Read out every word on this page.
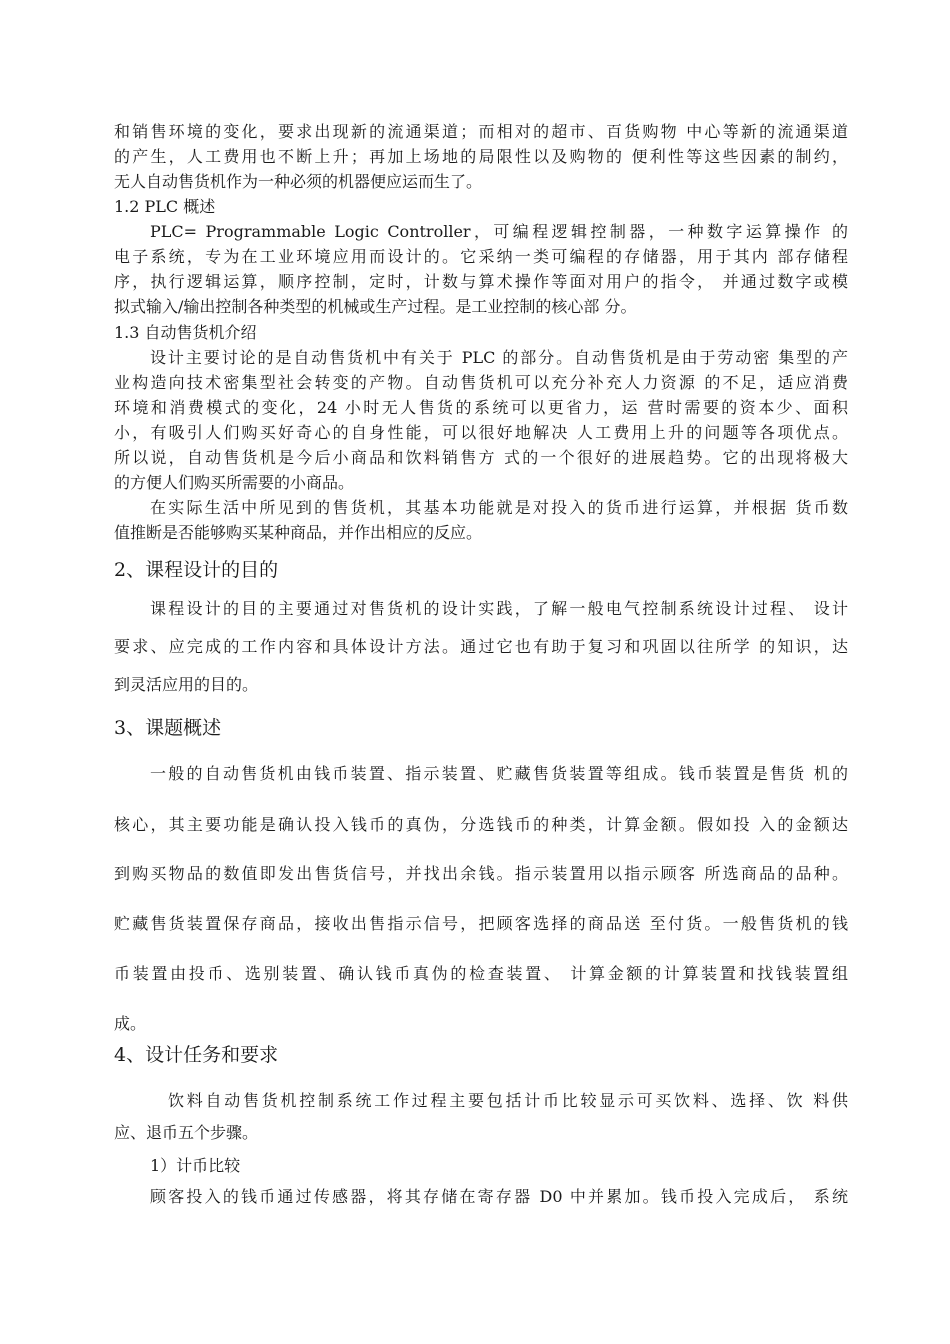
和销售环境的变化，要求出现新的流通渠道；而相对的超市、百货购物 中心等新的流通渠道
的产生，人工费用也不断上升；再加上场地的局限性以及购物的 便利性等这些因素的制约，
无人自动售货机作为一种必须的机器便应运而生了。
1.2 PLC 概述
PLC= Programmable Logic Controller，可编程逻辑控制器，一种数字运算操作 的
电子系统，专为在工业环境应用而设计的。它采纳一类可编程的存储器，用于其内 部存储程
序，执行逻辑运算，顺序控制，定时，计数与算术操作等面对用户的指令， 并通过数字或模
拟式输入/输出控制各种类型的机械或生产过程。是工业控制的核心部 分。
1.3 自动售货机介绍
设计主要讨论的是自动售货机中有关于 PLC 的部分。自动售货机是由于劳动密 集型的产
业构造向技术密集型社会转变的产物。自动售货机可以充分补充人力资源 的不足，适应消费
环境和消费模式的变化，24 小时无人售货的系统可以更省力，运 营时需要的资本少、面积
小，有吸引人们购买好奇心的自身性能，可以很好地解决 人工费用上升的问题等各项优点。
所以说，自动售货机是今后小商品和饮料销售方 式的一个很好的进展趋势。它的出现将极大
的方便人们购买所需要的小商品。
在实际生活中所见到的售货机，其基本功能就是对投入的货币进行运算，并根据 货币数
值推断是否能够购买某种商品，并作出相应的反应。
2、课程设计的目的
课程设计的目的主要通过对售货机的设计实践，了解一般电气控制系统设计过程、 设计
要求、应完成的工作内容和具体设计方法。通过它也有助于复习和巩固以往所学 的知识，达
到灵活应用的目的。
3、课题概述
一般的自动售货机由钱币装置、指示装置、贮藏售货装置等组成。钱币装置是售货 机的
核心，其主要功能是确认投入钱币的真伪，分选钱币的种类，计算金额。假如投 入的金额达
到购买物品的数值即发出售货信号，并找出余钱。指示装置用以指示顾客 所选商品的品种。
贮藏售货装置保存商品，接收出售指示信号，把顾客选择的商品送 至付货。一般售货机的钱
币装置由投币、选别装置、确认钱币真伪的检查装置、 计算金额的计算装置和找钱装置组
成。
4、设计任务和要求
饮料自动售货机控制系统工作过程主要包括计币比较显示可买饮料、选择、饮 料供
应、退币五个步骤。
1）计币比较
顾客投入的钱币通过传感器，将其存储在寄存器 D0 中并累加。钱币投入完成后， 系统
